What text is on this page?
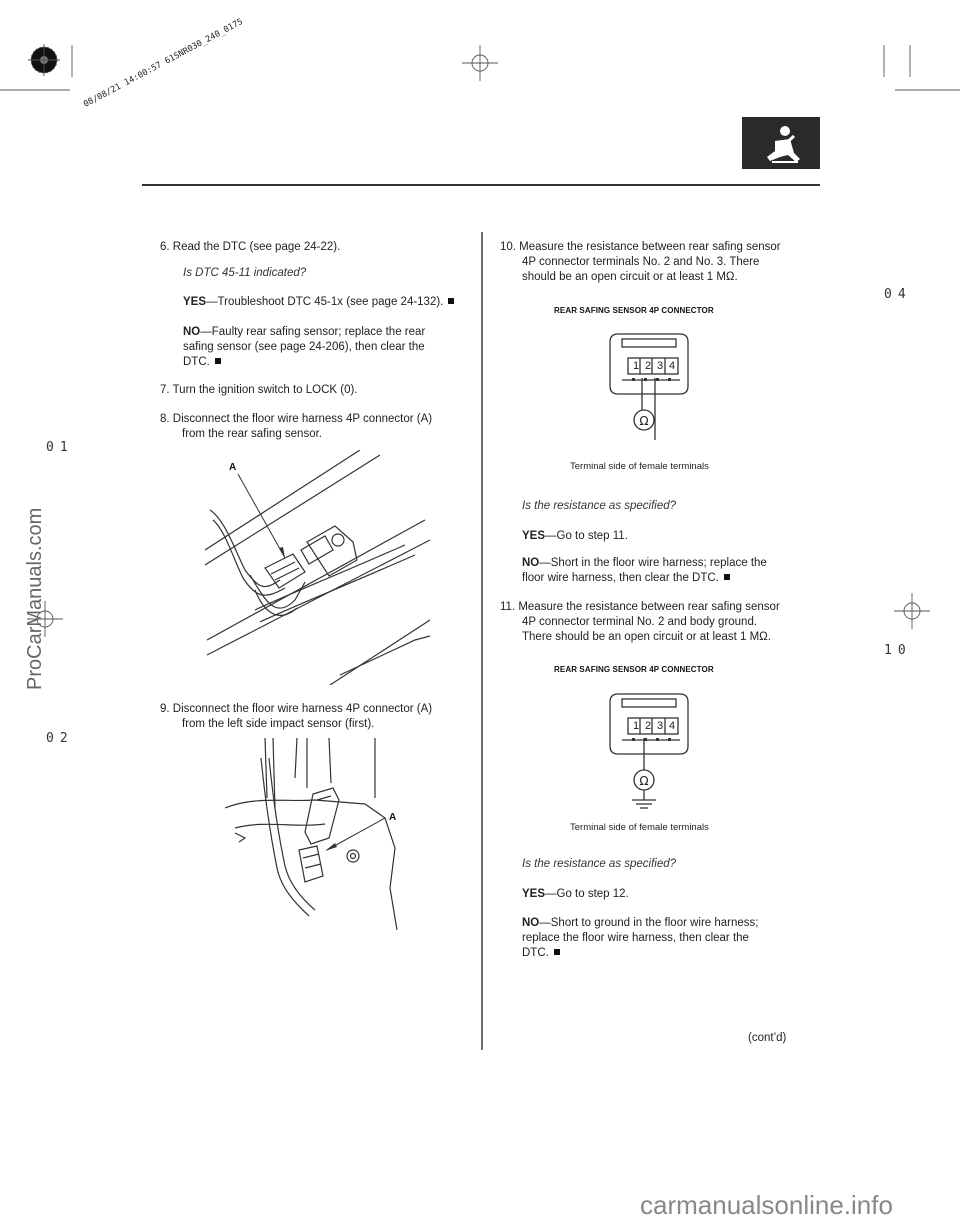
08/08/21 14:00:57 61SNR030_240_0175
04
01
10
02
ProCarManuals.com
6. Read the DTC (see page 24-22).
Is DTC 45-11 indicated?
YES—Troubleshoot DTC 45-1x (see page 24-132).
NO—Faulty rear safing sensor; replace the rear
safing sensor (see page 24-206), then clear the
DTC.
7. Turn the ignition switch to LOCK (0).
8. Disconnect the floor wire harness 4P connector (A)
from the rear safing sensor.
A
9. Disconnect the floor wire harness 4P connector (A)
from the left side impact sensor (first).
A
10. Measure the resistance between rear safing sensor
4P connector terminals No. 2 and No. 3. There
should be an open circuit or at least 1 MΩ.
REAR SAFING SENSOR 4P CONNECTOR
Ω
1 2 3 4
Terminal side of female terminals
Is the resistance as specified?
YES—Go to step 11.
NO—Short in the floor wire harness; replace the
floor wire harness, then clear the DTC.
11. Measure the resistance between rear safing sensor
4P connector terminal No. 2 and body ground.
There should be an open circuit or at least 1 MΩ.
REAR SAFING SENSOR 4P CONNECTOR
Ω
1 2 3 4
Terminal side of female terminals
Is the resistance as specified?
YES—Go to step 12.
NO—Short to ground in the floor wire harness;
replace the floor wire harness, then clear the
DTC.
(cont’d)
carmanualsonline.info
